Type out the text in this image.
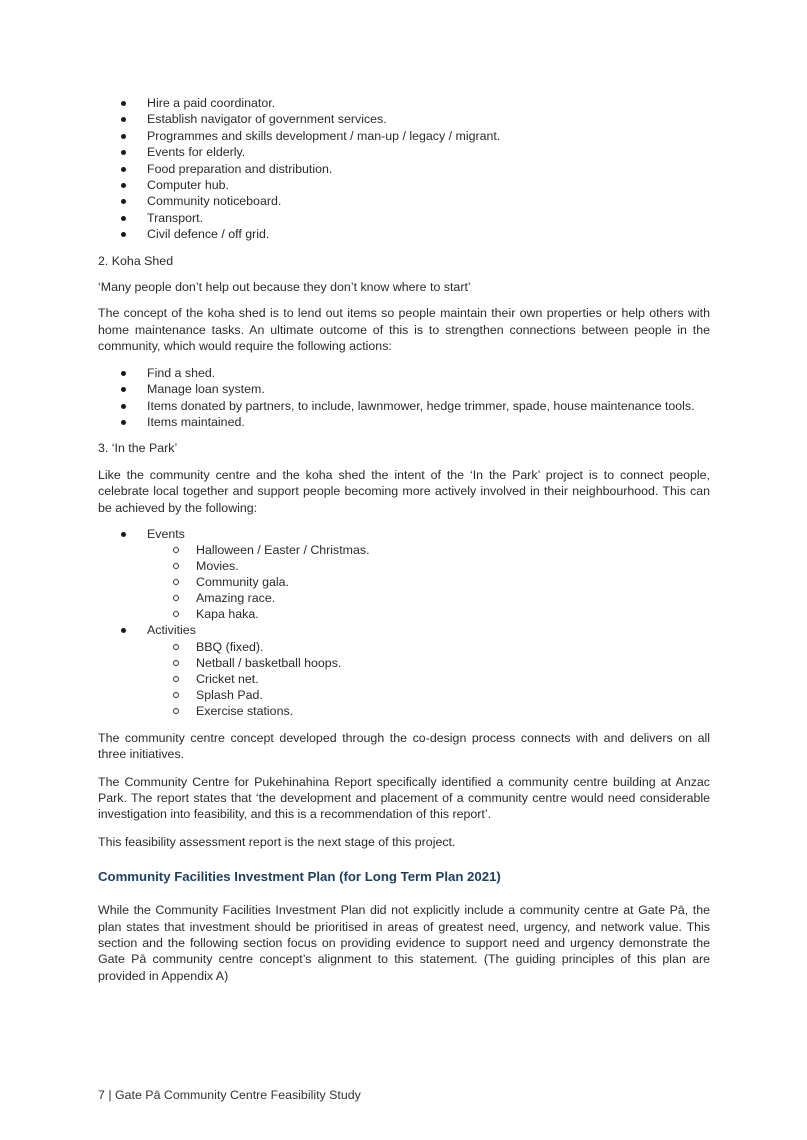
Hire a paid coordinator.
Establish navigator of government services.
Programmes and skills development / man-up / legacy / migrant.
Events for elderly.
Food preparation and distribution.
Computer hub.
Community noticeboard.
Transport.
Civil defence / off grid.

2. Koha Shed

‘Many people don’t help out because they don’t know where to start’

The concept of the koha shed is to lend out items so people maintain their own properties or help others with home maintenance tasks. An ultimate outcome of this is to strengthen connections between people in the community, which would require the following actions:

Find a shed.
Manage loan system.
Items donated by partners, to include, lawnmower, hedge trimmer, spade, house maintenance tools.
Items maintained.

3. ‘In the Park’

Like the community centre and the koha shed the intent of the ‘In the Park’ project is to connect people, celebrate local together and support people becoming more actively involved in their neighbourhood. This can be achieved by the following:

Events
Halloween / Easter / Christmas.
Movies.
Community gala.
Amazing race.
Kapa haka.
Activities
BBQ (fixed).
Netball / basketball hoops.
Cricket net.
Splash Pad.
Exercise stations.

The community centre concept developed through the co-design process connects with and delivers on all three initiatives.

The Community Centre for Pukehinahina Report specifically identified a community centre building at Anzac Park. The report states that ‘the development and placement of a community centre would need considerable investigation into feasibility, and this is a recommendation of this report’.

This feasibility assessment report is the next stage of this project.

Community Facilities Investment Plan (for Long Term Plan 2021)

While the Community Facilities Investment Plan did not explicitly include a community centre at Gate Pā, the plan states that investment should be prioritised in areas of greatest need, urgency, and network value. This section and the following section focus on providing evidence to support need and urgency demonstrate the Gate Pā community centre concept’s alignment to this statement. (The guiding principles of this plan are provided in Appendix A)

7 | Gate Pā Community Centre Feasibility Study
